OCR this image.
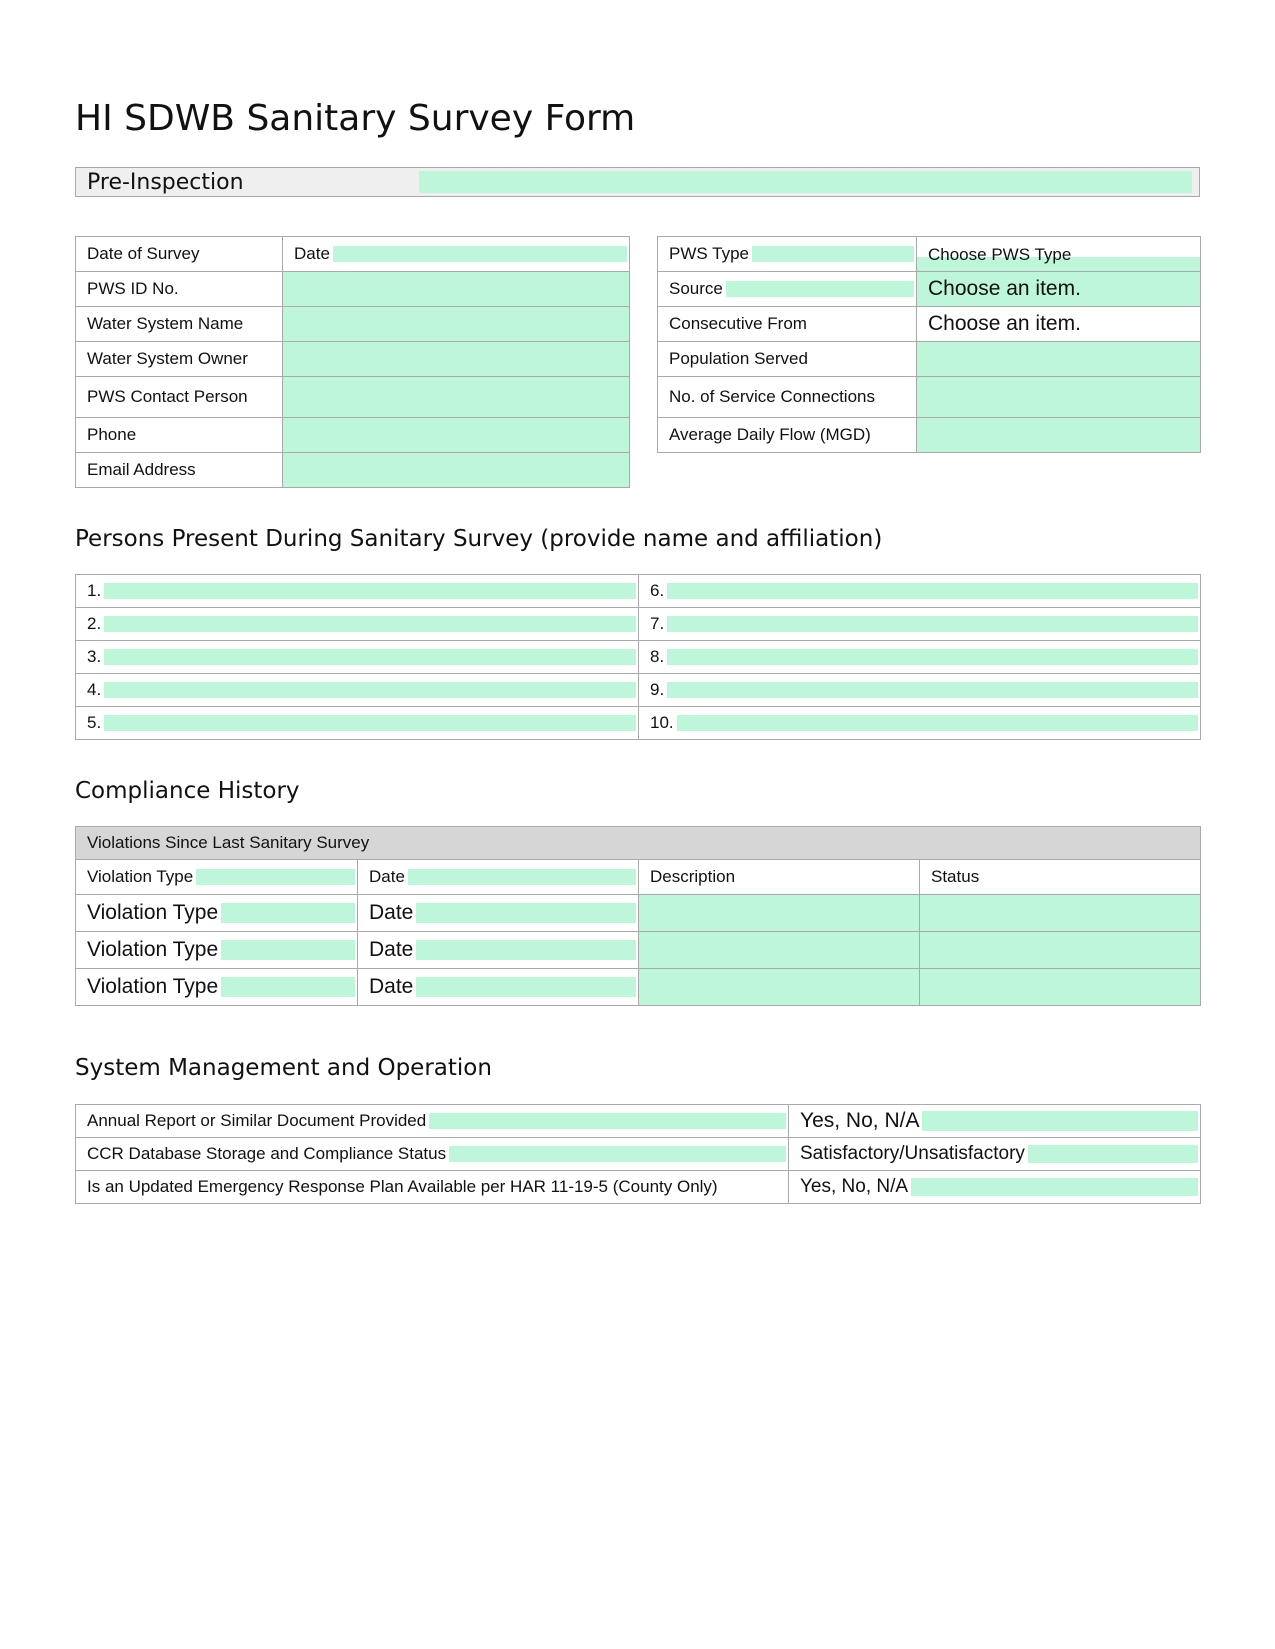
HI SDWB Sanitary Survey Form
Pre-Inspection
Date of Survey	Date

PWS ID No.	
Water System Name	
Water System Owner	
PWS Contact Person	
Phone	
Email Address	
PWS Type	Choose PWS Type

Source	Choose an item.
Consecutive From	Choose an item.
Population Served	
No. of Service Connections	
Average Daily Flow (MGD)	
Persons Present During Sanitary Survey (provide name and affiliation)
1.	6.

2.	7.

3.	8.

4.	9.

5.	10.
Compliance History
Violations Since Last Sanitary Survey			

Violation Type	Date	Description	Status

Violation Type	Date		

Violation Type	Date		

Violation Type	Date		

System Management and Operation
Annual Report or Similar Document Provided	Yes, No, N/A

CCR Database Storage and Compliance Status	Satisfactory/Unsatisfactory

Is an Updated Emergency Response Plan Available per HAR 11-19-5 (County Only)	Yes, No, N/A
